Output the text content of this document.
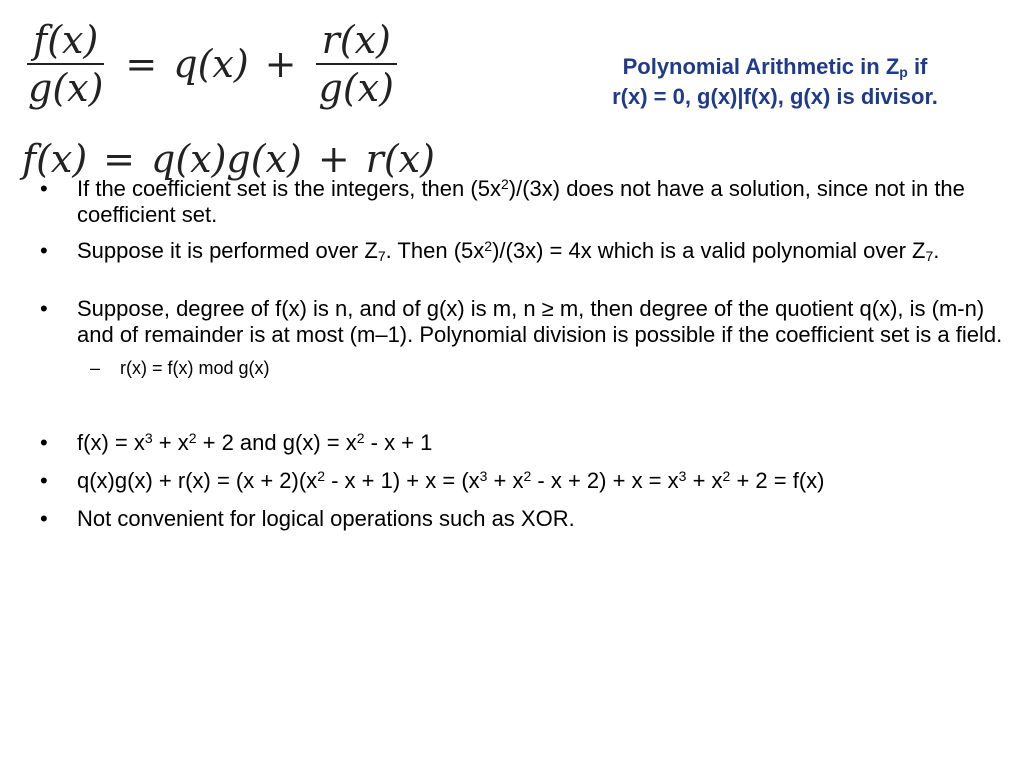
$\frac{f(x)}{g(x)} = q(x) + \frac{r(x)}{g(x)}$
f(x) = q(x)g(x) + r(x)
Polynomial Arithmetic in $Z_p$ if
r(x) = 0, g(x)|f(x), g(x) is divisor.
• If the coefficient set is the integers, then $(5x^2)/(3x)$ does not have a solution, since not in the coefficient set.
• Suppose it is performed over $Z_7$. Then $(5x^2)/(3x) = 4x$ which is a valid polynomial over $Z_7$.
• Suppose, degree of f(x) is n, and of g(x) is m, n ≥ m, then degree of the quotient q(x), is (m-n) and of remainder is at most (m–1). Polynomial division is possible if the coefficient set is a field.
– r(x) = f(x) mod g(x)
• $f(x) = x^3 + x^2 + 2$ and $g(x) = x^2 - x + 1$
• $q(x)g(x) + r(x) = (x + 2)(x^2 - x + 1) + x = (x^3 + x^2 - x + 2) + x = x^3 + x^2 + 2 = f(x)$
• Not convenient for logical operations such as XOR.
